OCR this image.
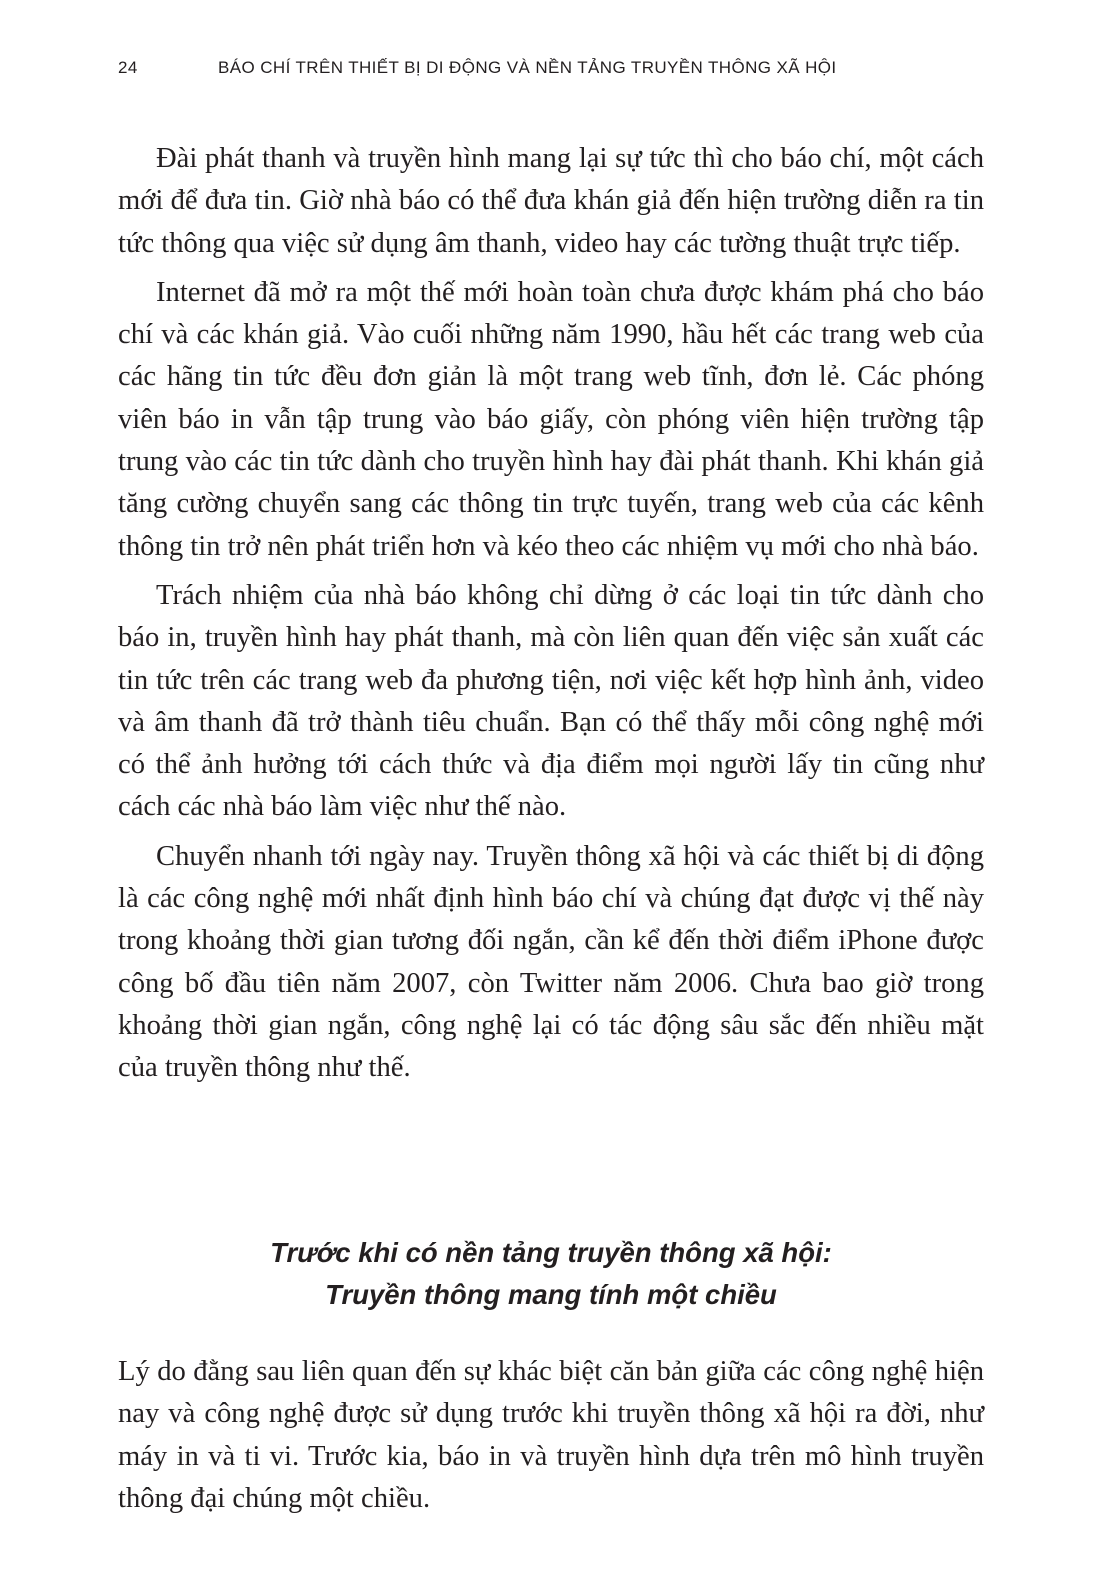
24	BÁO CHÍ TRÊN THIẾT BỊ DI ĐỘNG VÀ NỀN TẢNG TRUYỀN THÔNG XÃ HỘI

Đài phát thanh và truyền hình mang lại sự tức thì cho báo chí, một cách mới để đưa tin. Giờ nhà báo có thể đưa khán giả đến hiện trường diễn ra tin tức thông qua việc sử dụng âm thanh, video hay các tường thuật trực tiếp.

Internet đã mở ra một thế mới hoàn toàn chưa được khám phá cho báo chí và các khán giả. Vào cuối những năm 1990, hầu hết các trang web của các hãng tin tức đều đơn giản là một trang web tĩnh, đơn lẻ. Các phóng viên báo in vẫn tập trung vào báo giấy, còn phóng viên hiện trường tập trung vào các tin tức dành cho truyền hình hay đài phát thanh. Khi khán giả tăng cường chuyển sang các thông tin trực tuyến, trang web của các kênh thông tin trở nên phát triển hơn và kéo theo các nhiệm vụ mới cho nhà báo.

Trách nhiệm của nhà báo không chỉ dừng ở các loại tin tức dành cho báo in, truyền hình hay phát thanh, mà còn liên quan đến việc sản xuất các tin tức trên các trang web đa phương tiện, nơi việc kết hợp hình ảnh, video và âm thanh đã trở thành tiêu chuẩn. Bạn có thể thấy mỗi công nghệ mới có thể ảnh hưởng tới cách thức và địa điểm mọi người lấy tin cũng như cách các nhà báo làm việc như thế nào.

Chuyển nhanh tới ngày nay. Truyền thông xã hội và các thiết bị di động là các công nghệ mới nhất định hình báo chí và chúng đạt được vị thế này trong khoảng thời gian tương đối ngắn, cần kể đến thời điểm iPhone được công bố đầu tiên năm 2007, còn Twitter năm 2006. Chưa bao giờ trong khoảng thời gian ngắn, công nghệ lại có tác động sâu sắc đến nhiều mặt của truyền thông như thế.

Trước khi có nền tảng truyền thông xã hội:
Truyền thông mang tính một chiều

Lý do đằng sau liên quan đến sự khác biệt căn bản giữa các công nghệ hiện nay và công nghệ được sử dụng trước khi truyền thông xã hội ra đời, như máy in và ti vi. Trước kia, báo in và truyền hình dựa trên mô hình truyền thông đại chúng một chiều.
